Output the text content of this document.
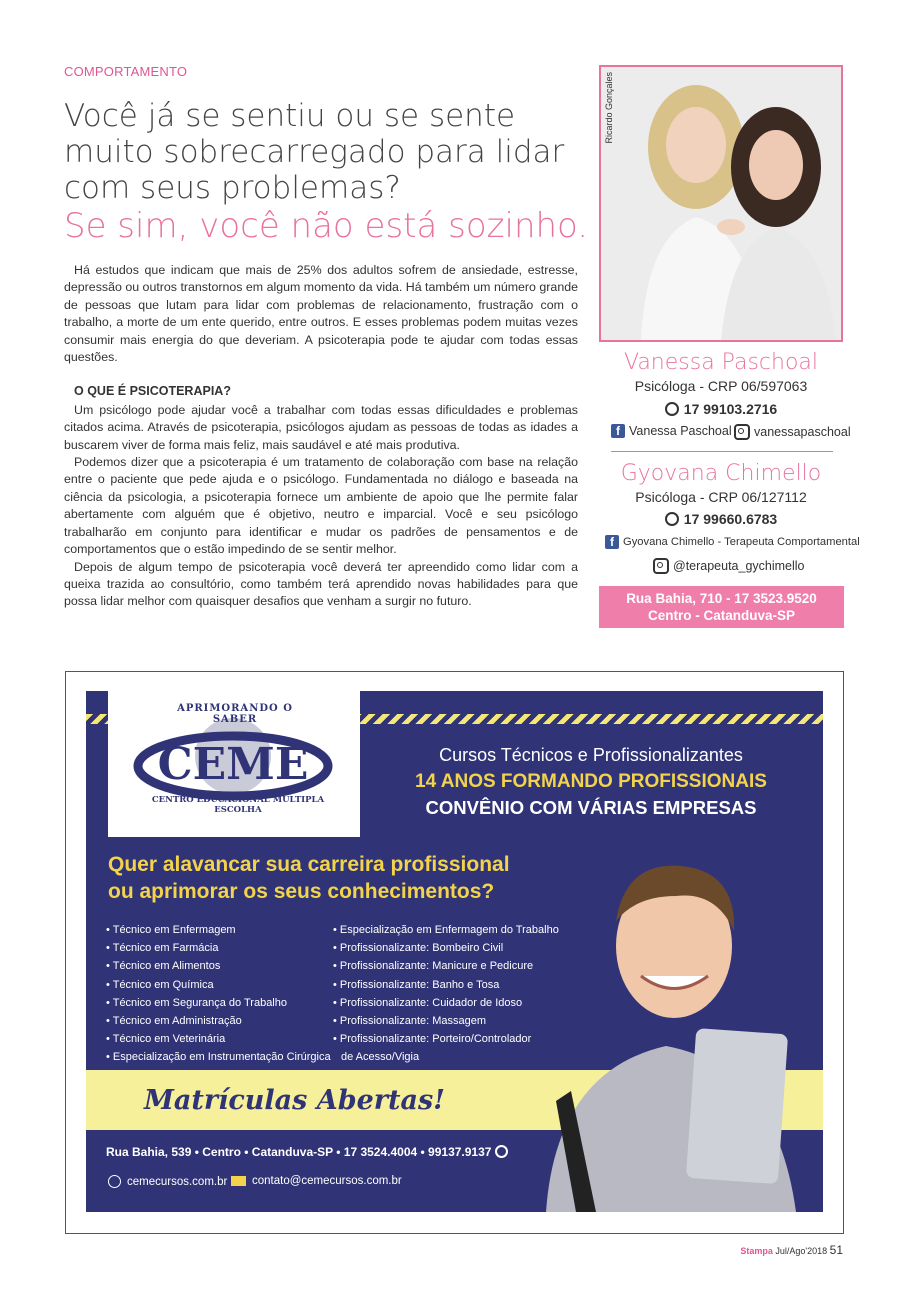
COMPORTAMENTO
Você já se sentiu ou se sente
muito sobrecarregado para lidar
com seus problemas?
Se sim, você não está sozinho.

Há estudos que indicam que mais de 25% dos adultos sofrem de ansiedade, estresse, depressão ou outros transtornos em algum momento da vida. Há também um número grande de pessoas que lutam para lidar com problemas de relacionamento, frustração com o trabalho, a morte de um ente querido, entre outros. E esses problemas podem muitas vezes consumir mais energia do que deveriam. A psicoterapia pode te ajudar com todas essas questões.

O QUE É PSICOTERAPIA?

Um psicólogo pode ajudar você a trabalhar com todas essas dificuldades e problemas citados acima. Através de psicoterapia, psicólogos ajudam as pessoas de todas as idades a buscarem viver de forma mais feliz, mais saudável e até mais produtiva.

Podemos dizer que a psicoterapia é um tratamento de colaboração com base na relação entre o paciente que pede ajuda e o psicólogo. Fundamentada no diálogo e baseada na ciência da psicologia, a psicoterapia fornece um ambiente de apoio que lhe permite falar abertamente com alguém que é objetivo, neutro e imparcial. Você e seu psicólogo trabalharão em conjunto para identificar e mudar os padrões de pensamentos e de comportamentos que o estão impedindo de se sentir melhor.

Depois de algum tempo de psicoterapia você deverá ter apreendido como lidar com a queixa trazida ao consultório, como também terá aprendido novas habilidades para que possa lidar melhor com quaisquer desafios que venham a surgir no futuro.

Ricardo Gonçales
Vanessa Paschoal
Psicóloga - CRP 06/597063
17 99103.2716
f Vanessa Paschoal vanessapaschoal
Gyovana Chimello
Psicóloga - CRP 06/127112
17 99660.6783
f Gyovana Chimello - Terapeuta Comportamental
@terapeuta_gychimello
Rua Bahia, 710 - 17 3523.9520
Centro - Catanduva-SP
CEME
APRIMORANDO O SABER
CENTRO EDUCACIONAL MÚLTIPLA ESCOLHA
Cursos Técnicos e Profissionalizantes
14 ANOS FORMANDO PROFISSIONAIS
CONVÊNIO COM VÁRIAS EMPRESAS
Quer alavancar sua carreira profissional
ou aprimorar os seus conhecimentos?
• Técnico em Enfermagem
• Técnico em Farmácia
• Técnico em Alimentos
• Técnico em Química
• Técnico em Segurança do Trabalho
• Técnico em Administração
• Técnico em Veterinária
• Especialização em Instrumentação Cirúrgica
• Especialização em Enfermagem do Trabalho
• Profissionalizante: Bombeiro Civil
• Profissionalizante: Manicure e Pedicure
• Profissionalizante: Banho e Tosa
• Profissionalizante: Cuidador de Idoso
• Profissionalizante: Massagem
• Profissionalizante: Porteiro/Controlador
de Acesso/Vigia
Matrículas Abertas!
Rua Bahia, 539 • Centro • Catanduva-SP • 17 3524.4004 • 99137.9137
cemecursos.com.br contato@cemecursos.com.br
Stampa Jul/Ago'2018 51
